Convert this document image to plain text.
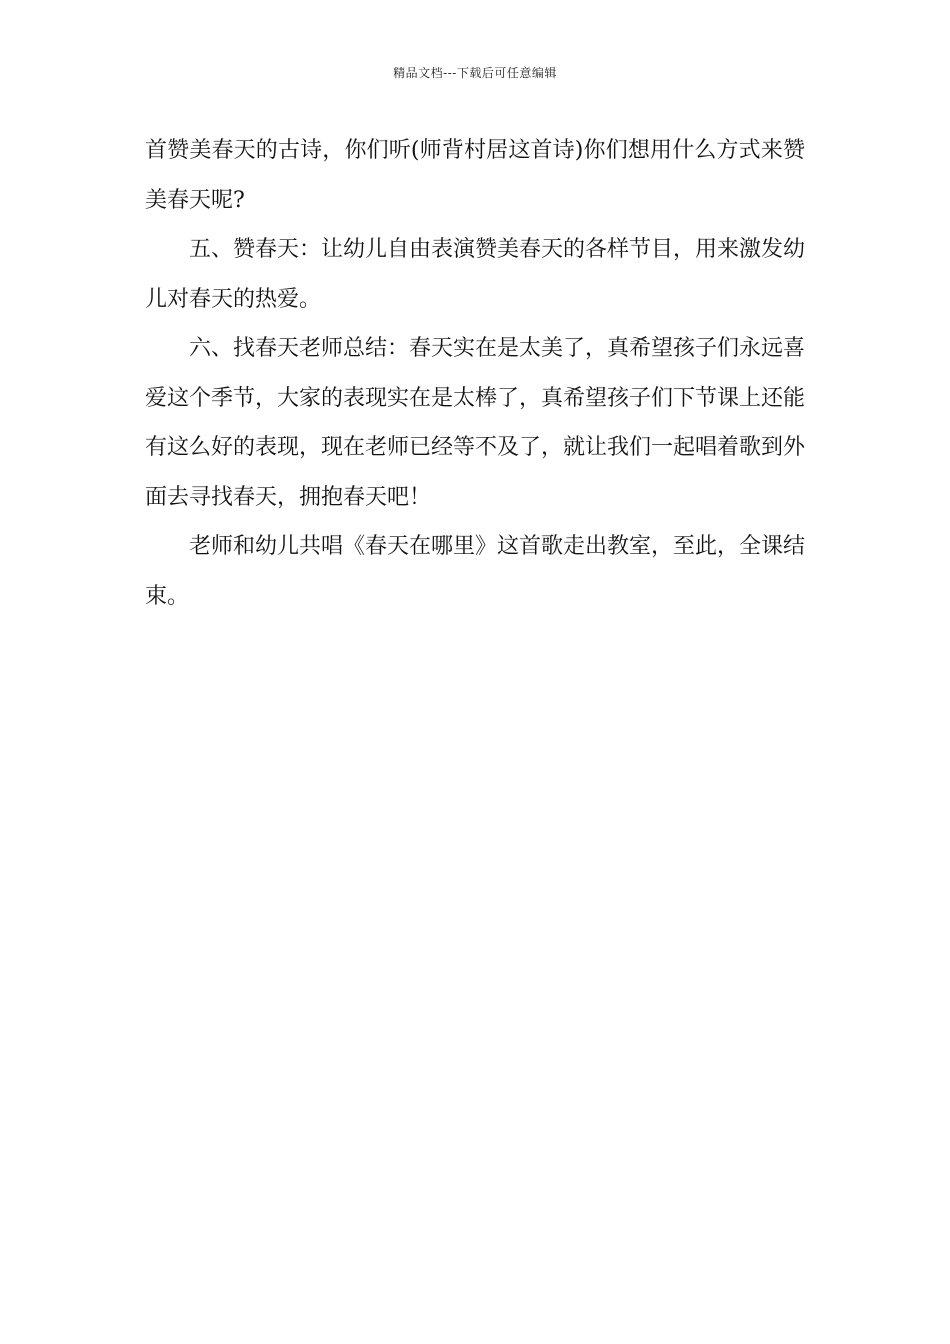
精品文档---下载后可任意编辑

首赞美春天的古诗，你们听(师背村居这首诗)你们想用什么方式来赞美春天呢?

五、赞春天：让幼儿自由表演赞美春天的各样节目，用来激发幼儿对春天的热爱。

六、找春天老师总结：春天实在是太美了，真希望孩子们永远喜爱这个季节，大家的表现实在是太棒了，真希望孩子们下节课上还能有这么好的表现，现在老师已经等不及了，就让我们一起唱着歌到外面去寻找春天，拥抱春天吧！

老师和幼儿共唱《春天在哪里》这首歌走出教室，至此，全课结束。
